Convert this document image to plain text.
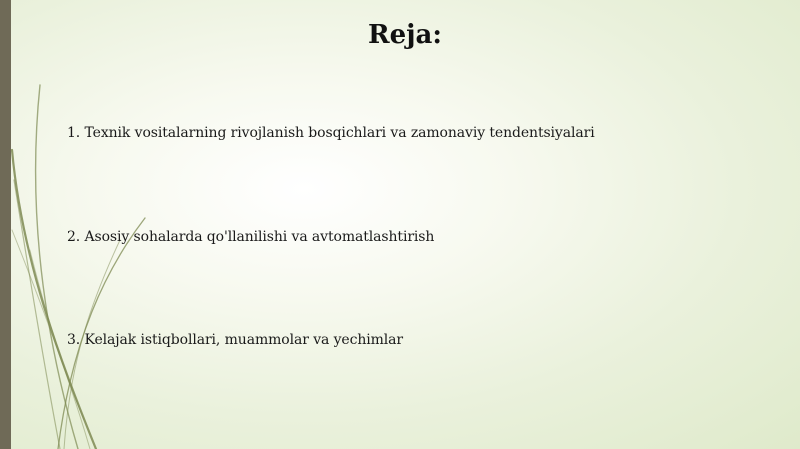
Reja:
1. Texnik vositalarning rivojlanish bosqichlari va zamonaviy tendentsiyalari
2. Asosiy sohalarda qo'llanilishi va avtomatlashtirish
3. Kelajak istiqbollari, muammolar va yechimlar
